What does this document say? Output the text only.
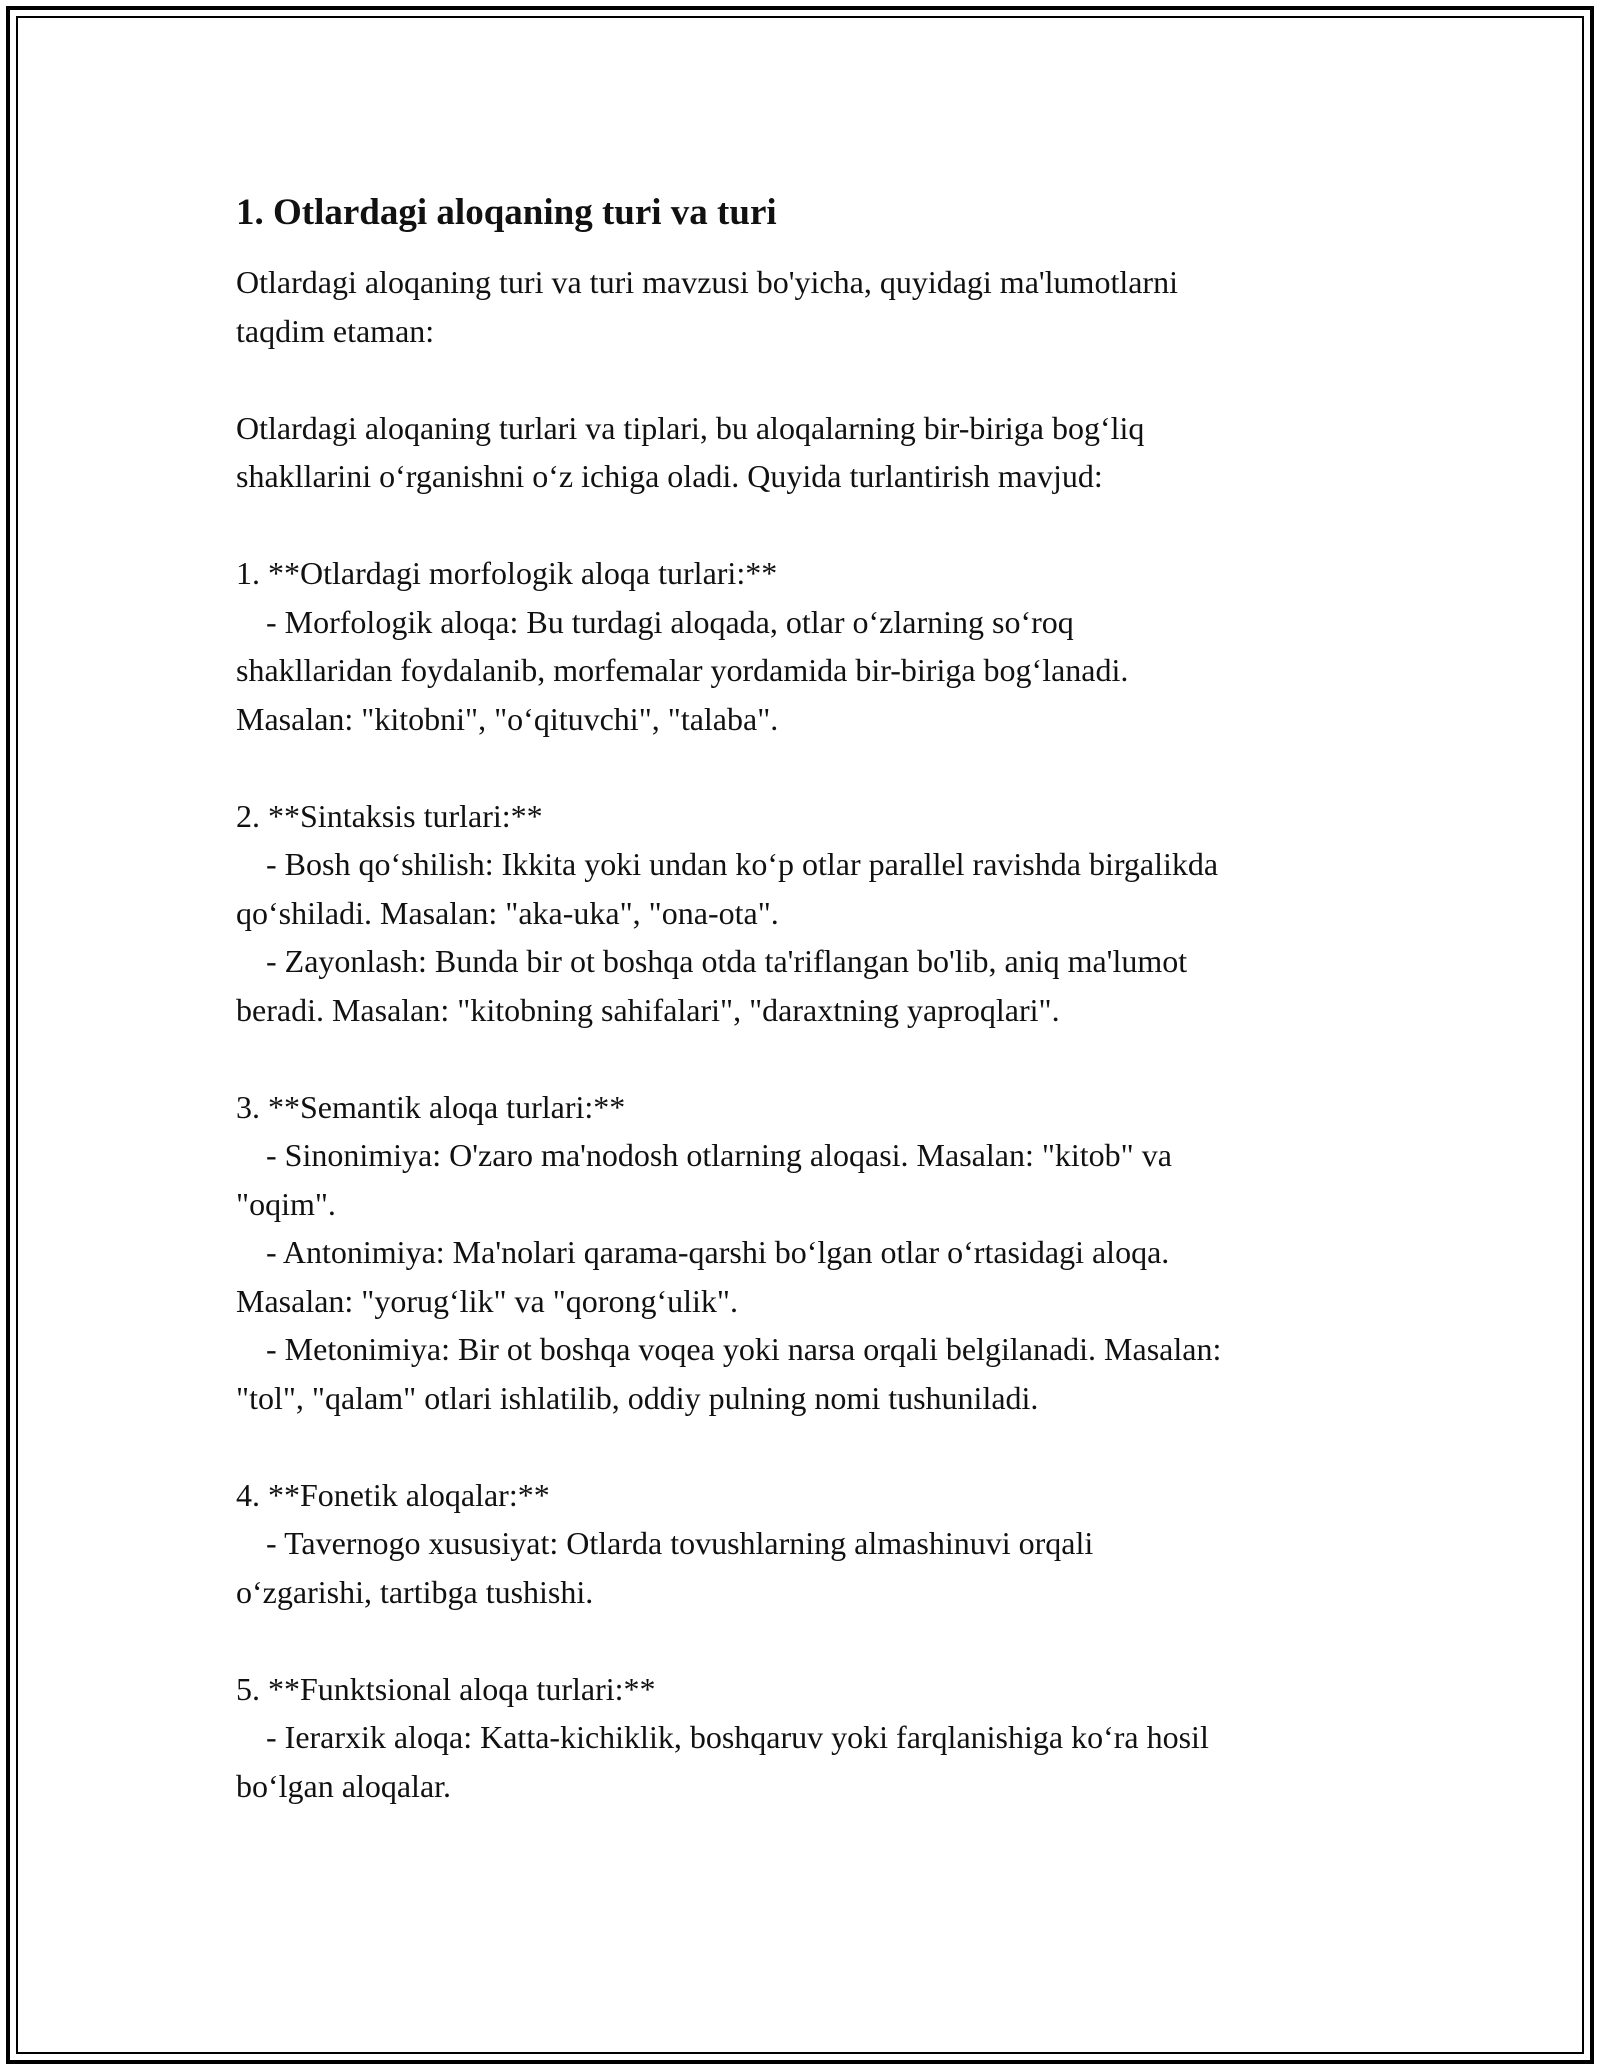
1. Otlardagi aloqaning turi va turi

Otlardagi aloqaning turi va turi mavzusi bo'yicha, quyidagi ma'lumotlarni
taqdim etaman:

Otlardagi aloqaning turlari va tiplari, bu aloqalarning bir-biriga bog‘liq
shakllarini o‘rganishni o‘z ichiga oladi. Quyida turlantirish mavjud:

1. **Otlardagi morfologik aloqa turlari:**
- Morfologik aloqa: Bu turdagi aloqada, otlar o‘zlarning so‘roq
shakllaridan foydalanib, morfemalar yordamida bir-biriga bog‘lanadi.
Masalan: "kitobni", "o‘qituvchi", "talaba".

2. **Sintaksis turlari:**
- Bosh qo‘shilish: Ikkita yoki undan ko‘p otlar parallel ravishda birgalikda
qo‘shiladi. Masalan: "aka-uka", "ona-ota".
- Zayonlash: Bunda bir ot boshqa otda ta'riflangan bo'lib, aniq ma'lumot
beradi. Masalan: "kitobning sahifalari", "daraxtning yaproqlari".

3. **Semantik aloqa turlari:**
- Sinonimiya: O'zaro ma'nodosh otlarning aloqasi. Masalan: "kitob" va
"oqim".
- Antonimiya: Ma'nolari qarama-qarshi bo‘lgan otlar o‘rtasidagi aloqa.
Masalan: "yorug‘lik" va "qorong‘ulik".
- Metonimiya: Bir ot boshqa voqea yoki narsa orqali belgilanadi. Masalan:
"tol", "qalam" otlari ishlatilib, oddiy pulning nomi tushuniladi.

4. **Fonetik aloqalar:**
- Tavernogo xususiyat: Otlarda tovushlarning almashinuvi orqali
o‘zgarishi, tartibga tushishi.

5. **Funktsional aloqa turlari:**
- Ierarxik aloqa: Katta-kichiklik, boshqaruv yoki farqlanishiga ko‘ra hosil
bo‘lgan aloqalar.
